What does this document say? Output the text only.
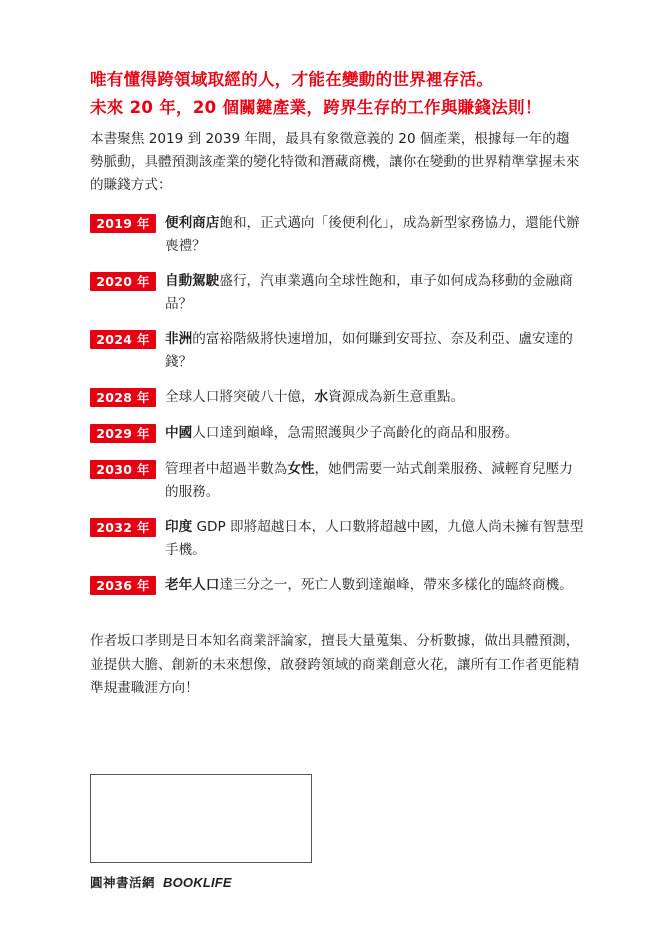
唯有懂得跨領域取經的人，才能在變動的世界裡存活。
未來 20 年，20 個關鍵產業，跨界生存的工作與賺錢法則！
本書聚焦 2019 到 2039 年間，最具有象徵意義的 20 個產業，根據每一年的趨勢脈動，具體預測該產業的變化特徵和潛藏商機，讓你在變動的世界精準掌握未來的賺錢方式：
2019 年	便利商店飽和，正式邁向「後便利化」，成為新型家務協力，還能代辦喪禮？
2020 年	自動駕駛盛行，汽車業邁向全球性飽和，車子如何成為移動的金融商品？
2024 年	非洲的富裕階級將快速增加，如何賺到安哥拉、奈及利亞、盧安達的錢？
2028 年	全球人口將突破八十億，水資源成為新生意重點。
2029 年	中國人口達到巔峰，急需照護與少子高齡化的商品和服務。
2030 年	管理者中超過半數為女性，她們需要一站式創業服務、減輕育兒壓力的服務。
2032 年	印度 GDP 即將超越日本，人口數將超越中國，九億人尚未擁有智慧型手機。
2036 年	老年人口達三分之一，死亡人數到達巔峰，帶來多樣化的臨終商機。
作者坂口孝則是日本知名商業評論家，擅長大量蒐集、分析數據，做出具體預測，並提供大膽、創新的未來想像，啟發跨領域的商業創意火花，讓所有工作者更能精準規畫職涯方向！
圓神書活網 BOOKLIFE
